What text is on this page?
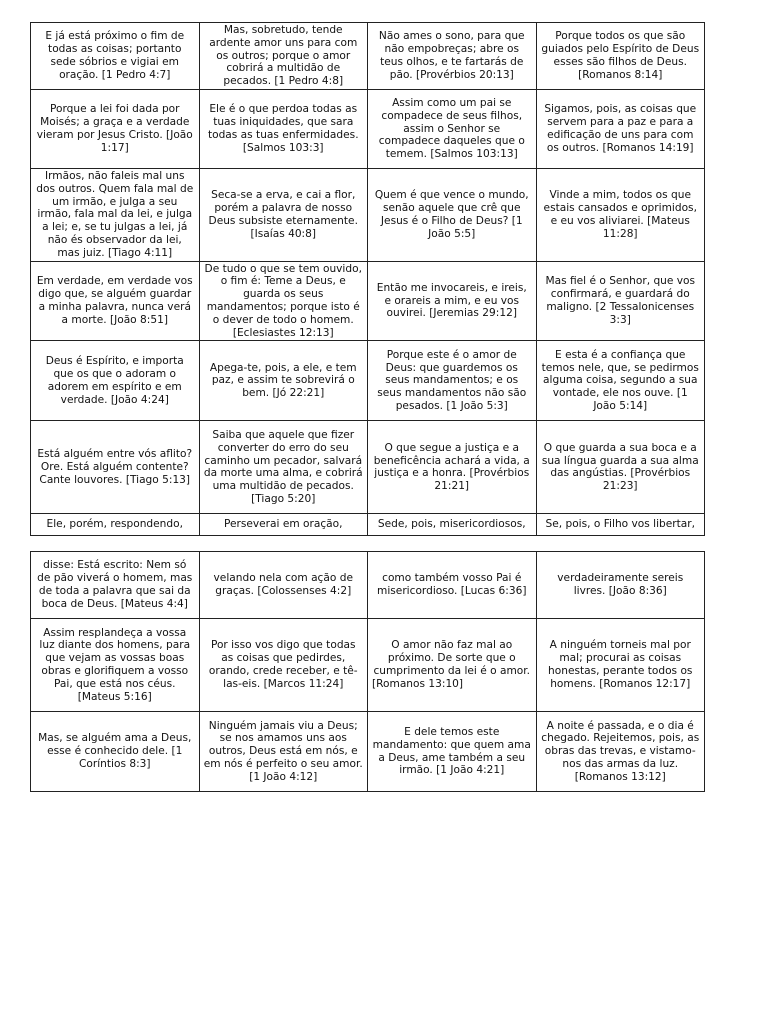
E já está próximo o fim de todas as coisas; portanto sede sóbrios e vigiai em oração. [1 Pedro 4:7]	Mas, sobretudo, tende ardente amor uns para com os outros; porque o amor cobrirá a multidão de pecados. [1 Pedro 4:8]	Não ames o sono, para que não empobreças; abre os teus olhos, e te fartarás de pão. [Provérbios 20:13]	Porque todos os que são guiados pelo Espírito de Deus esses são filhos de Deus. [Romanos 8:14]
Porque a lei foi dada por Moisés; a graça e a verdade vieram por Jesus Cristo. [João 1:17]	Ele é o que perdoa todas as tuas iniquidades, que sara todas as tuas enfermidades. [Salmos 103:3]	Assim como um pai se compadece de seus filhos, assim o Senhor se compadece daqueles que o temem. [Salmos 103:13]	Sigamos, pois, as coisas que servem para a paz e para a edificação de uns para com os outros. [Romanos 14:19]
Irmãos, não faleis mal uns dos outros. Quem fala mal de um irmão, e julga a seu irmão, fala mal da lei, e julga a lei; e, se tu julgas a lei, já não és observador da lei, mas juiz. [Tiago 4:11]	Seca-se a erva, e cai a flor, porém a palavra de nosso Deus subsiste eternamente. [Isaías 40:8]	Quem é que vence o mundo, senão aquele que crê que Jesus é o Filho de Deus? [1 João 5:5]	Vinde a mim, todos os que estais cansados e oprimidos, e eu vos aliviarei. [Mateus 11:28]
Em verdade, em verdade vos digo que, se alguém guardar a minha palavra, nunca verá a morte. [João 8:51]	De tudo o que se tem ouvido, o fim é: Teme a Deus, e guarda os seus mandamentos; porque isto é o dever de todo o homem. [Eclesiastes 12:13]	Então me invocareis, e ireis, e orareis a mim, e eu vos ouvirei. [Jeremias 29:12]	Mas fiel é o Senhor, que vos confirmará, e guardará do maligno. [2 Tessalonicenses 3:3]
Deus é Espírito, e importa que os que o adoram o adorem em espírito e em verdade. [João 4:24]	Apega-te, pois, a ele, e tem paz, e assim te sobrevirá o bem. [Jó 22:21]	Porque este é o amor de Deus: que guardemos os seus mandamentos; e os seus mandamentos não são pesados. [1 João 5:3]	E esta é a confiança que temos nele, que, se pedirmos alguma coisa, segundo a sua vontade, ele nos ouve. [1 João 5:14]
Está alguém entre vós aflito? Ore. Está alguém contente? Cante louvores. [Tiago 5:13]	Saiba que aquele que fizer converter do erro do seu caminho um pecador, salvará da morte uma alma, e cobrirá uma multidão de pecados. [Tiago 5:20]	O que segue a justiça e a beneficência achará a vida, a justiça e a honra. [Provérbios 21:21]	O que guarda a sua boca e a sua língua guarda a sua alma das angústias. [Provérbios 21:23]
Ele, porém, respondendo,	Perseverai em oração,	Sede, pois, misericordiosos,	Se, pois, o Filho vos libertar,
disse: Está escrito: Nem só de pão viverá o homem, mas de toda a palavra que sai da boca de Deus. [Mateus 4:4]	velando nela com ação de graças. [Colossenses 4:2]	como também vosso Pai é misericordioso. [Lucas 6:36]	verdadeiramente sereis livres. [João 8:36]
Assim resplandeça a vossa luz diante dos homens, para que vejam as vossas boas obras e glorifiquem a vosso Pai, que está nos céus. [Mateus 5:16]	Por isso vos digo que todas as coisas que pedirdes, orando, crede receber, e tê-las-eis. [Marcos 11:24]	O amor não faz mal ao próximo. De sorte que o cumprimento da lei é o amor. [Romanos 13:10]	A ninguém torneis mal por mal; procurai as coisas honestas, perante todos os homens. [Romanos 12:17]
Mas, se alguém ama a Deus, esse é conhecido dele. [1 Coríntios 8:3]	Ninguém jamais viu a Deus; se nos amamos uns aos outros, Deus está em nós, e em nós é perfeito o seu amor. [1 João 4:12]	E dele temos este mandamento: que quem ama a Deus, ame também a seu irmão. [1 João 4:21]	A noite é passada, e o dia é chegado. Rejeitemos, pois, as obras das trevas, e vistamo-nos das armas da luz. [Romanos 13:12]
